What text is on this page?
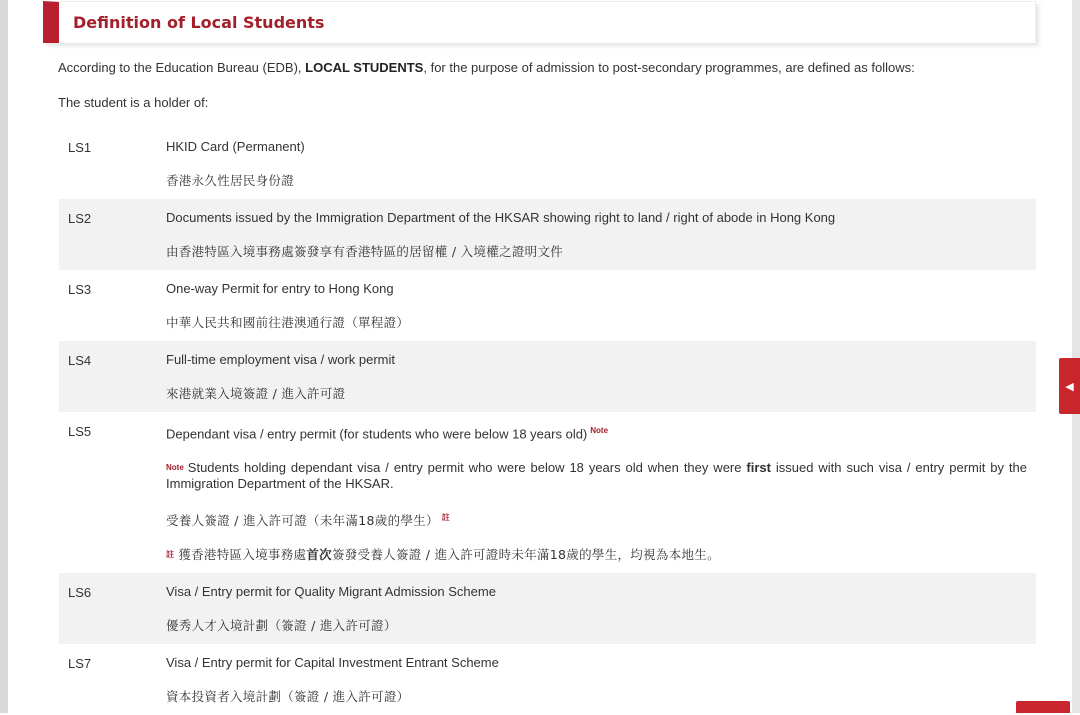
Definition of Local Students
According to the Education Bureau (EDB), LOCAL STUDENTS, for the purpose of admission to post-secondary programmes, are defined as follows:
The student is a holder of:
LS1	HKID Card (Permanent)
香港永久性居民身份證
LS2	Documents issued by the Immigration Department of the HKSAR showing right to land / right of abode in Hong Kong
由香港特區入境事務處簽發享有香港特區的居留權 / 入境權之證明文件
LS3	One-way Permit for entry to Hong Kong
中華人民共和國前往港澳通行證（單程證）
LS4	Full-time employment visa / work permit
來港就業入境簽證 / 進入許可證
LS5	Dependant visa / entry permit (for students who were below 18 years old) $^{Note}$
$^{Note}$ Students holding dependant visa / entry permit who were below 18 years old when they were first issued with such visa / entry permit by the Immigration Department of the HKSAR.
受養人簽證 / 進入許可證（未年滿18歲的學生） $^註$
$^註$ 獲香港特區入境事務處首次簽發受養人簽證 / 進入許可證時未年滿18歲的學生，均視為本地生。
LS6	Visa / Entry permit for Quality Migrant Admission Scheme
優秀人才入境計劃（簽證 / 進入許可證）
LS7	Visa / Entry permit for Capital Investment Entrant Scheme
資本投資者入境計劃（簽證 / 進入許可證）
◀
